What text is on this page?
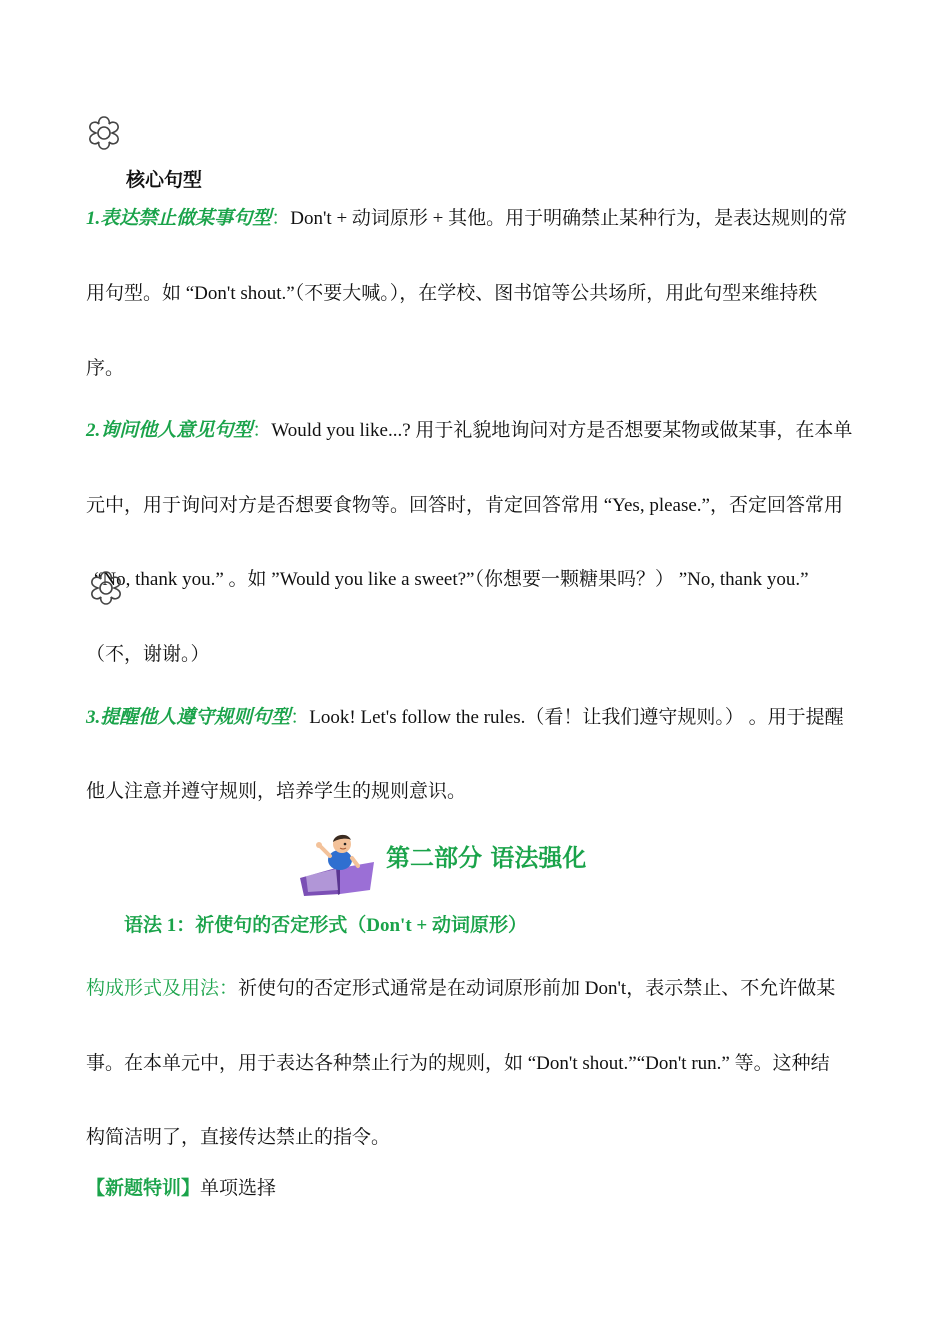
核心句型
1.表达禁止做某事句型：Don't + 动词原形 + 其他。用于明确禁止某种行为，是表达规则的常
用句型。如 “Don't shout.”（不要大喊。），在学校、图书馆等公共场所，用此句型来维持秩
序。
2.询问他人意见句型：Would you like...? 用于礼貌地询问对方是否想要某物或做某事，在本单
元中，用于询问对方是否想要食物等。回答时，肯定回答常用 “Yes, please.”，否定回答常用
“No, thank you.” 。如 ”Would you like a sweet?”（你想要一颗糖果吗？） ”No, thank you.”
（不，谢谢。）
3.提醒他人遵守规则句型：Look! Let's follow the rules.（看！让我们遵守规则。） 。用于提醒
他人注意并遵守规则，培养学生的规则意识。
第二部分 语法强化
语法 1：祈使句的否定形式（Don't + 动词原形）
构成形式及用法：祈使句的否定形式通常是在动词原形前加 Don't，表示禁止、不允许做某
事。在本单元中，用于表达各种禁止行为的规则，如 “Don't shout.”“Don't run.” 等。这种结
构简洁明了，直接传达禁止的指令。
【新题特训】单项选择
